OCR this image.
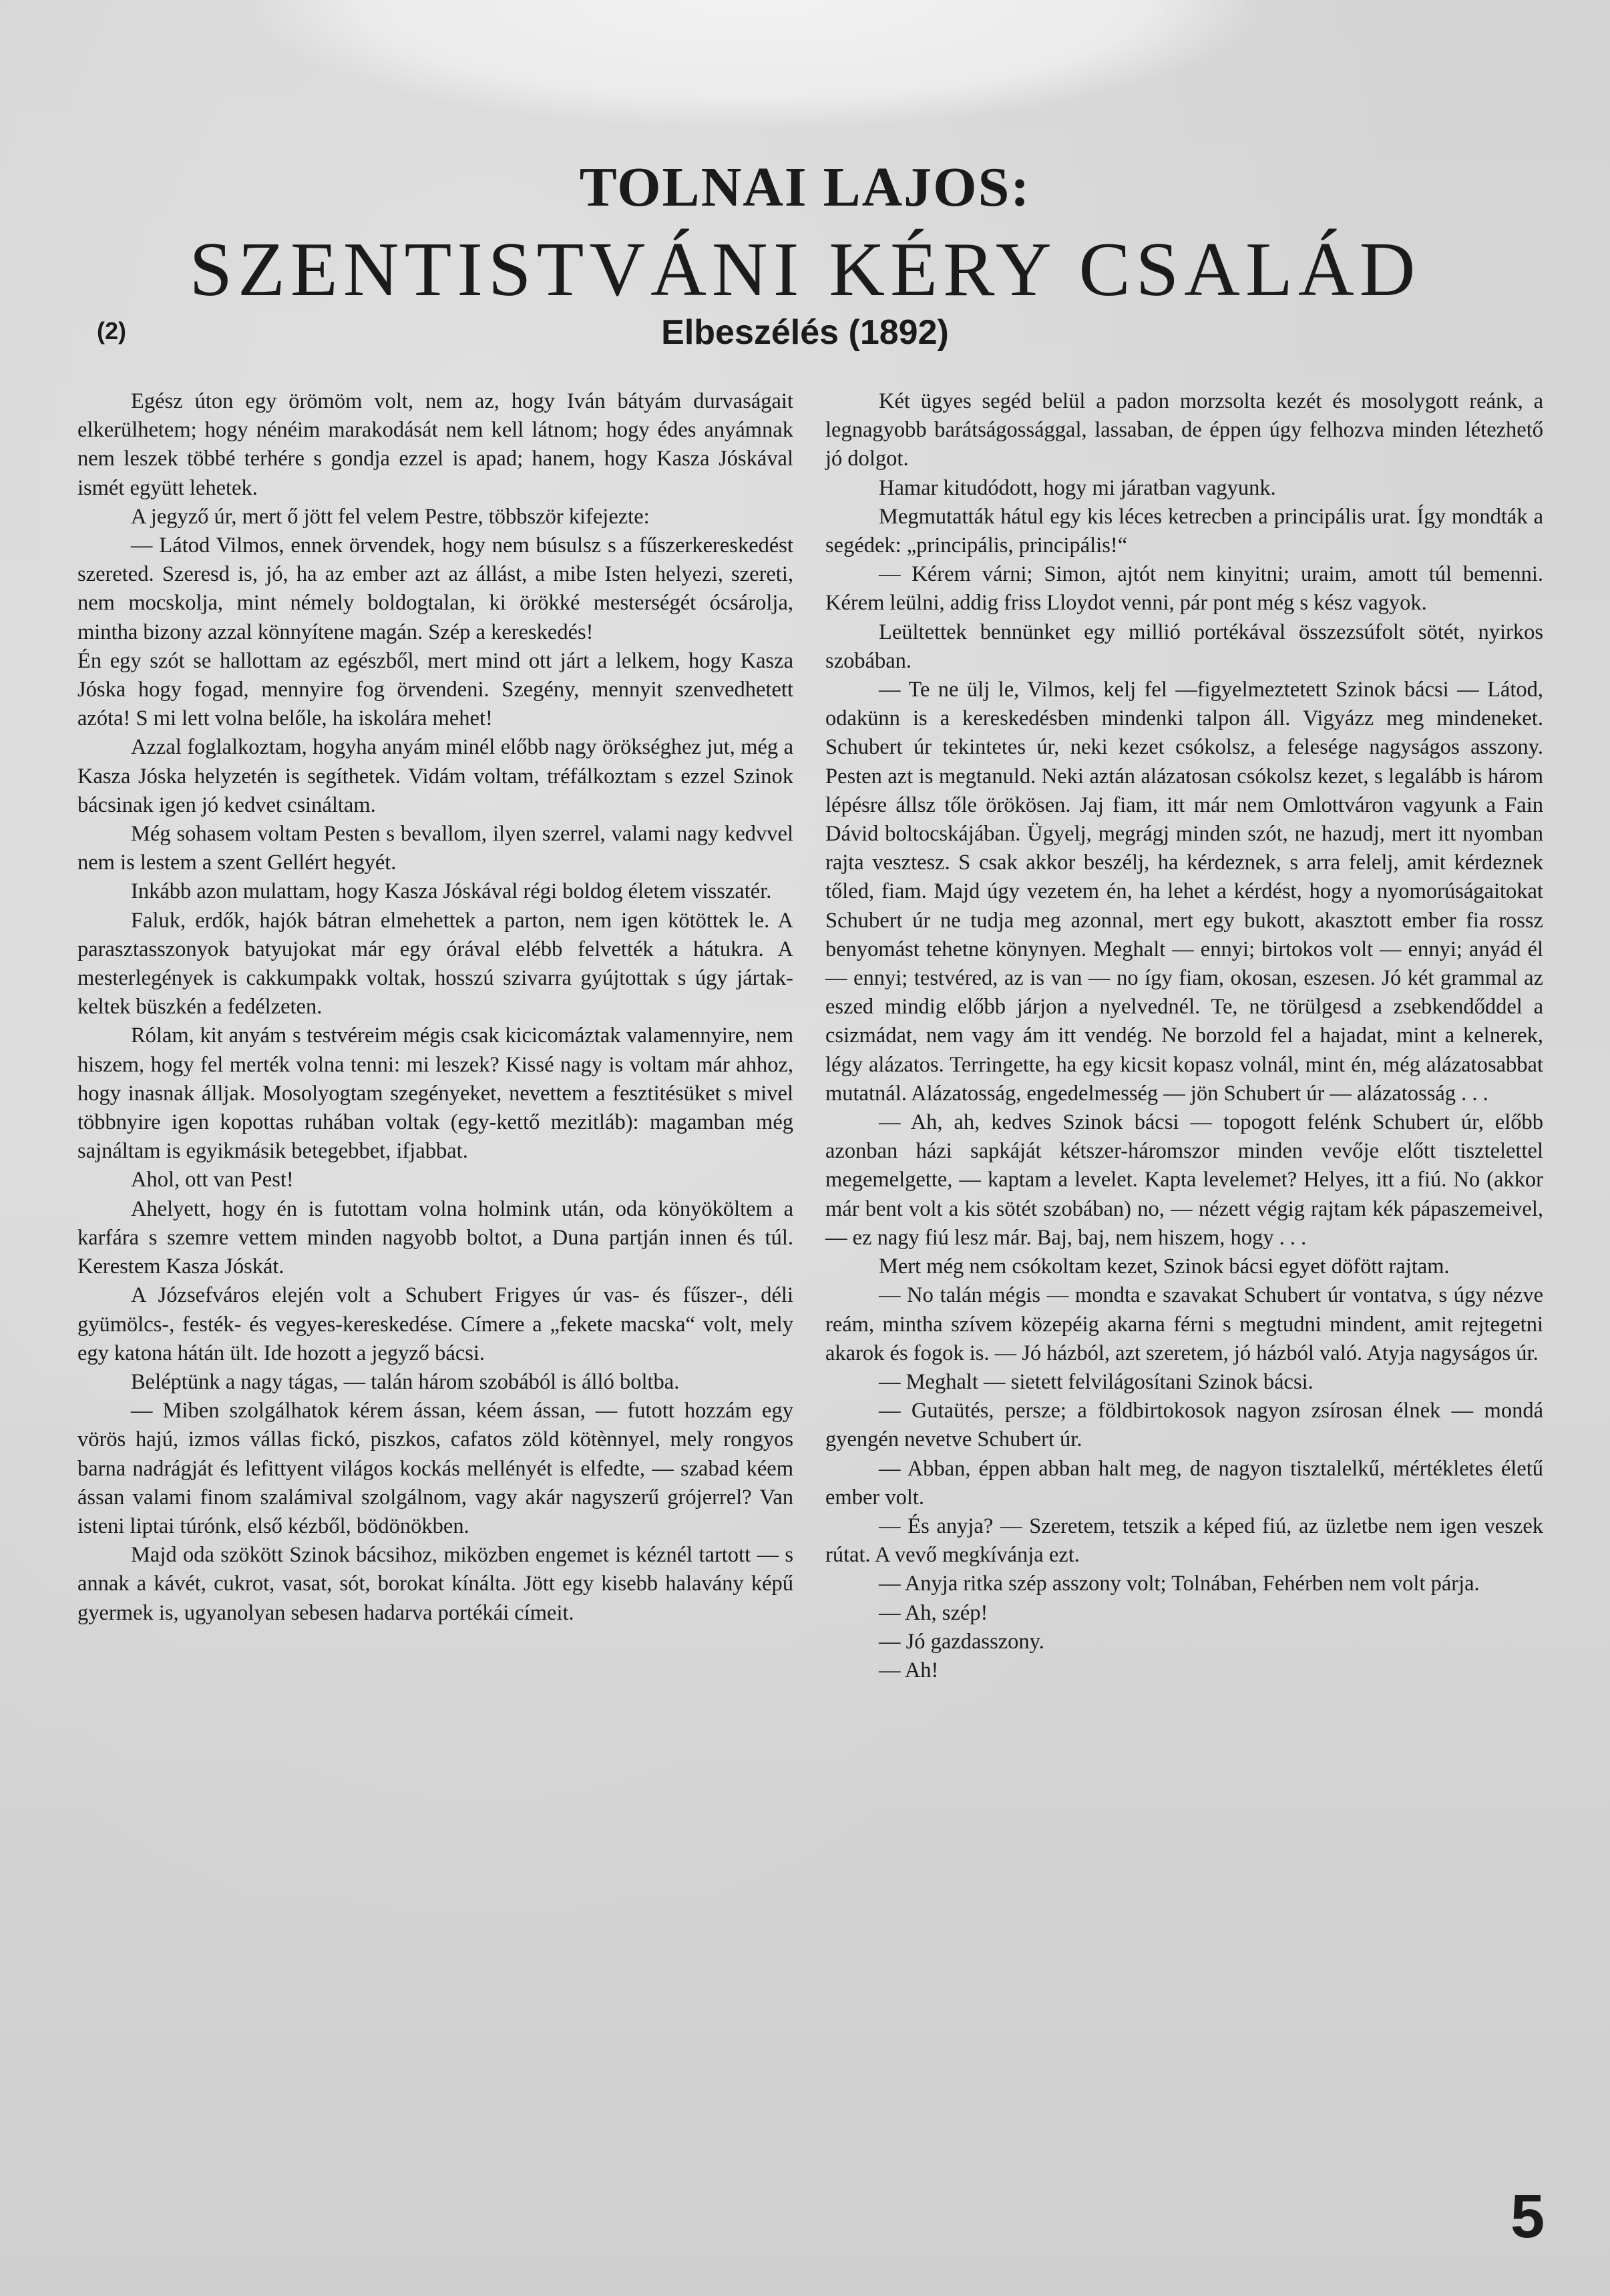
TOLNAI LAJOS:
SZENTISTVÁNI KÉRY CSALÁD
(2)	Elbeszélés (1892)

Egész úton egy örömöm volt, nem az, hogy Iván bátyám durvaságait elkerülhetem; hogy nénéim marakodását nem kell látnom; hogy édes anyámnak nem leszek többé terhére s gondja ezzel is apad; hanem, hogy Kasza Jóskával ismét együtt lehetek.

A jegyző úr, mert ő jött fel velem Pestre, többször kifejezte:

— Látod Vilmos, ennek örvendek, hogy nem búsulsz s a fűszerkereskedést szereted. Szeresd is, jó, ha az ember azt az állást, a mibe Isten helyezi, szereti, nem mocskolja, mint némely boldogtalan, ki örökké mesterségét ócsárolja, mintha bizony azzal könnyítene magán. Szép a kereskedés!

Én egy szót se hallottam az egészből, mert mind ott járt a lelkem, hogy Kasza Jóska hogy fogad, mennyire fog örvendeni. Szegény, mennyit szenvedhetett azóta! S mi lett volna belőle, ha iskolára mehet!

Azzal foglalkoztam, hogyha anyám minél előbb nagy örökséghez jut, még a Kasza Jóska helyzetén is segíthetek. Vidám voltam, tréfálkoztam s ezzel Szinok bácsinak igen jó kedvet csináltam.

Még sohasem voltam Pesten s bevallom, ilyen szerrel, valami nagy kedvvel nem is lestem a szent Gellért hegyét.

Inkább azon mulattam, hogy Kasza Jóskával régi boldog életem visszatér.

Faluk, erdők, hajók bátran elmehettek a parton, nem igen kötöttek le. A parasztasszonyok batyujokat már egy órával elébb felvették a hátukra. A mesterlegények is cakkumpakk voltak, hosszú szivarra gyújtottak s úgy jártak-keltek büszkén a fedélzeten.

Rólam, kit anyám s testvéreim mégis csak kicicomáztak valamennyire, nem hiszem, hogy fel merték volna tenni: mi leszek? Kissé nagy is voltam már ahhoz, hogy inasnak álljak. Mosolyogtam szegényeket, nevettem a fesztitésüket s mivel többnyire igen kopottas ruhában voltak (egy-kettő mezitláb): magamban még sajnáltam is egyikmásik betegebbet, ifjabbat.

Ahol, ott van Pest!

Ahelyett, hogy én is futottam volna holmink után, oda könyököltem a karfára s szemre vettem minden nagyobb boltot, a Duna partján innen és túl. Kerestem Kasza Jóskát.

A Józsefváros elején volt a Schubert Frigyes úr vas- és fűszer-, déli gyümölcs-, festék- és vegyes-kereskedése. Címere a „fekete macska“ volt, mely egy katona hátán ült. Ide hozott a jegyző bácsi.

Beléptünk a nagy tágas, — talán három szobából is álló boltba.

— Miben szolgálhatok kérem ássan, kéem ássan, — futott hozzám egy vörös hajú, izmos vállas fickó, piszkos, cafatos zöld kötènnyel, mely rongyos barna nadrágját és lefittyent világos kockás mellényét is elfedte, — szabad kéem ássan valami finom szalámival szolgálnom, vagy akár nagyszerű grójerrel? Van isteni liptai túrónk, első kézből, bödönökben.

Majd oda szökött Szinok bácsihoz, miközben engemet is kéznél tartott — s annak a kávét, cukrot, vasat, sót, borokat kínálta. Jött egy kisebb halavány képű gyermek is, ugyanolyan sebesen hadarva portékái címeit.

Két ügyes segéd belül a padon morzsolta kezét és mosolygott reánk, a legnagyobb barátságossággal, lassaban, de éppen úgy felhozva minden létezhető jó dolgot.

Hamar kitudódott, hogy mi járatban vagyunk.

Megmutatták hátul egy kis léces ketrecben a principális urat. Így mondták a segédek: „principális, principális!“

— Kérem várni; Simon, ajtót nem kinyitni; uraim, amott túl bemenni. Kérem leülni, addig friss Lloydot venni, pár pont még s kész vagyok.

Leültettek bennünket egy millió portékával összezsúfolt sötét, nyirkos szobában.

— Te ne ülj le, Vilmos, kelj fel —figyelmeztetett Szinok bácsi — Látod, odakünn is a kereskedésben mindenki talpon áll. Vigyázz meg mindeneket. Schubert úr tekintetes úr, neki kezet csókolsz, a felesége nagyságos asszony. Pesten azt is megtanuld. Neki aztán alázatosan csókolsz kezet, s legalább is három lépésre állsz tőle örökösen. Jaj fiam, itt már nem Omlottváron vagyunk a Fain Dávid boltocskájában. Ügyelj, megrágj minden szót, ne hazudj, mert itt nyomban rajta vesztesz. S csak akkor beszélj, ha kérdeznek, s arra felelj, amit kérdeznek tőled, fiam. Majd úgy vezetem én, ha lehet a kérdést, hogy a nyomorúságaitokat Schubert úr ne tudja meg azonnal, mert egy bukott, akasztott ember fia rossz benyomást tehetne könynyen. Meghalt — ennyi; birtokos volt — ennyi; anyád él — ennyi; testvéred, az is van — no így fiam, okosan, eszesen. Jó két grammal az eszed mindig előbb járjon a nyelvednél. Te, ne törülgesd a zsebkendőddel a csizmádat, nem vagy ám itt vendég. Ne borzold fel a hajadat, mint a kelnerek, légy alázatos. Terringette, ha egy kicsit kopasz volnál, mint én, még alázatosabbat mutatnál. Alázatosság, engedelmesség — jön Schubert úr — alázatosság . . .

— Ah, ah, kedves Szinok bácsi — topogott felénk Schubert úr, előbb azonban házi sapkáját kétszer-háromszor minden vevője előtt tisztelettel megemelgette, — kaptam a levelet. Kapta levelemet? Helyes, itt a fiú. No (akkor már bent volt a kis sötét szobában) no, — nézett végig rajtam kék pápaszemeivel, — ez nagy fiú lesz már. Baj, baj, nem hiszem, hogy . . .

Mert még nem csókoltam kezet, Szinok bácsi egyet döfött rajtam.

— No talán mégis — mondta e szavakat Schubert úr vontatva, s úgy nézve reám, mintha szívem közepéig akarna férni s megtudni mindent, amit rejtegetni akarok és fogok is. — Jó házból, azt szeretem, jó házból való. Atyja nagyságos úr.

— Meghalt — sietett felvilágosítani Szinok bácsi.

— Gutaütés, persze; a földbirtokosok nagyon zsírosan élnek — mondá gyengén nevetve Schubert úr.

— Abban, éppen abban halt meg, de nagyon tisztalelkű, mértékletes életű ember volt.

— És anyja? — Szeretem, tetszik a képed fiú, az üzletbe nem igen veszek rútat. A vevő megkívánja ezt.

— Anyja ritka szép asszony volt; Tolnában, Fehérben nem volt párja.

— Ah, szép!

— Jó gazdasszony.

— Ah!

5
